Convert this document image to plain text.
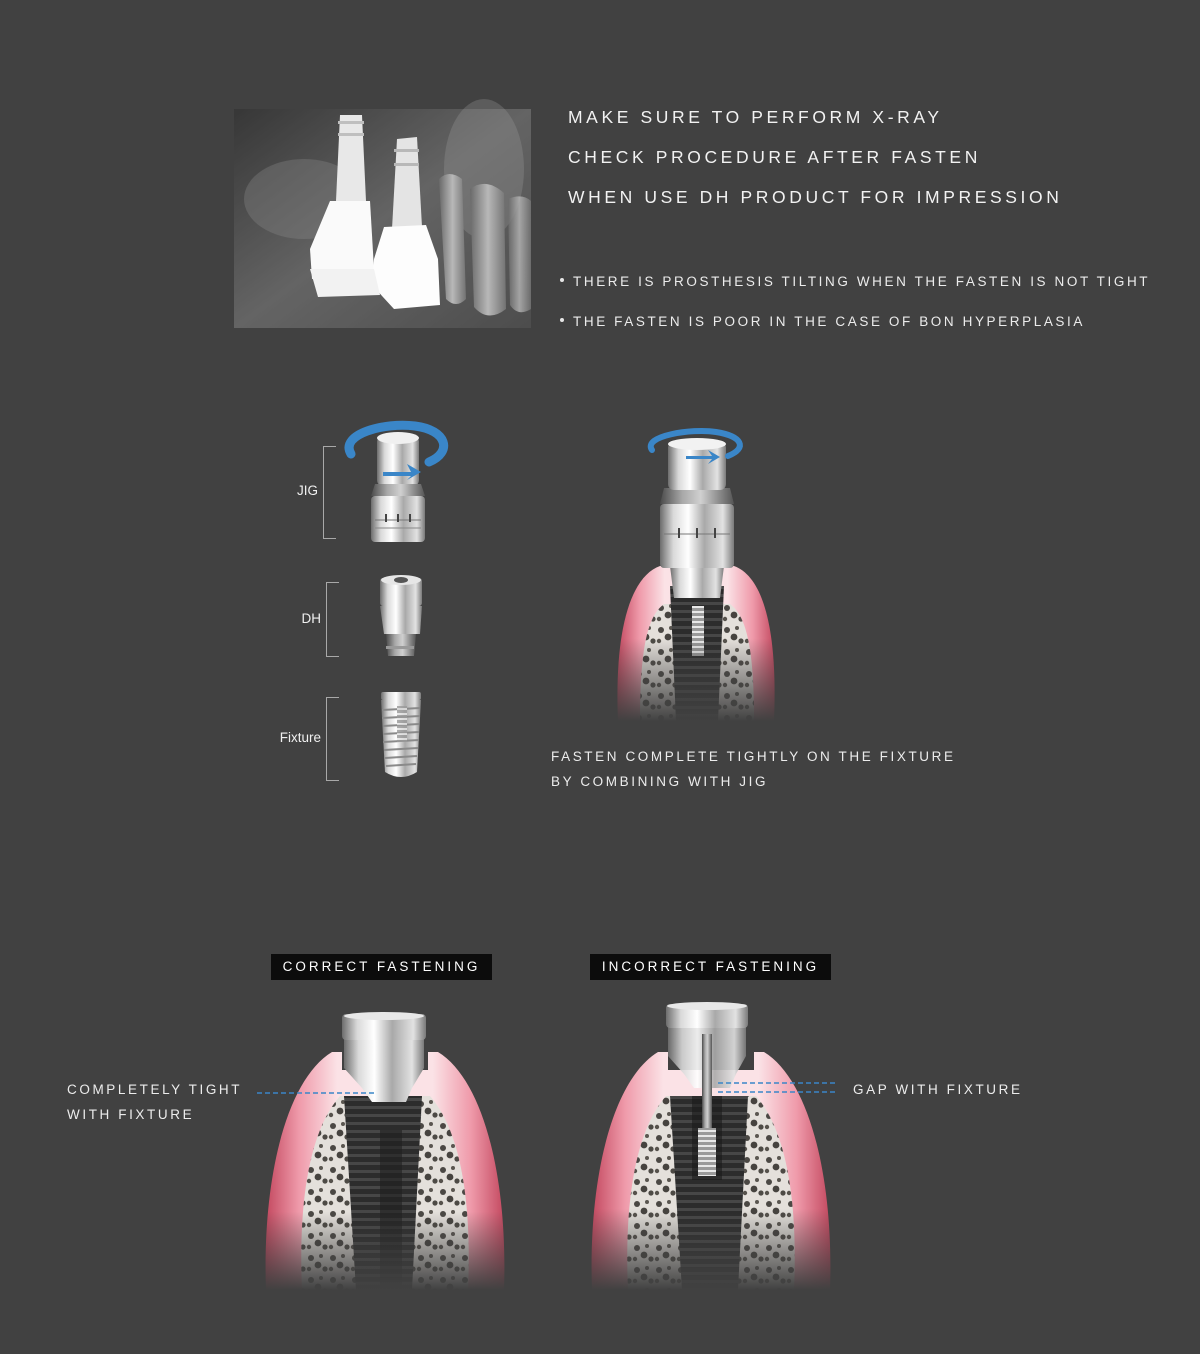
MAKE SURE TO PERFORM X-RAY
CHECK PROCEDURE AFTER FASTEN
WHEN USE DH PRODUCT FOR IMPRESSION
THERE IS PROSTHESIS TILTING WHEN THE FASTEN IS NOT TIGHT
THE FASTEN IS POOR IN THE CASE OF BON HYPERPLASIA
JIG
DH
Fixture
FASTEN COMPLETE TIGHTLY ON THE FIXTURE
BY COMBINING WITH JIG
CORRECT FASTENING	INCORRECT FASTENING
COMPLETELY TIGHT
WITH FIXTURE
GAP WITH FIXTURE
